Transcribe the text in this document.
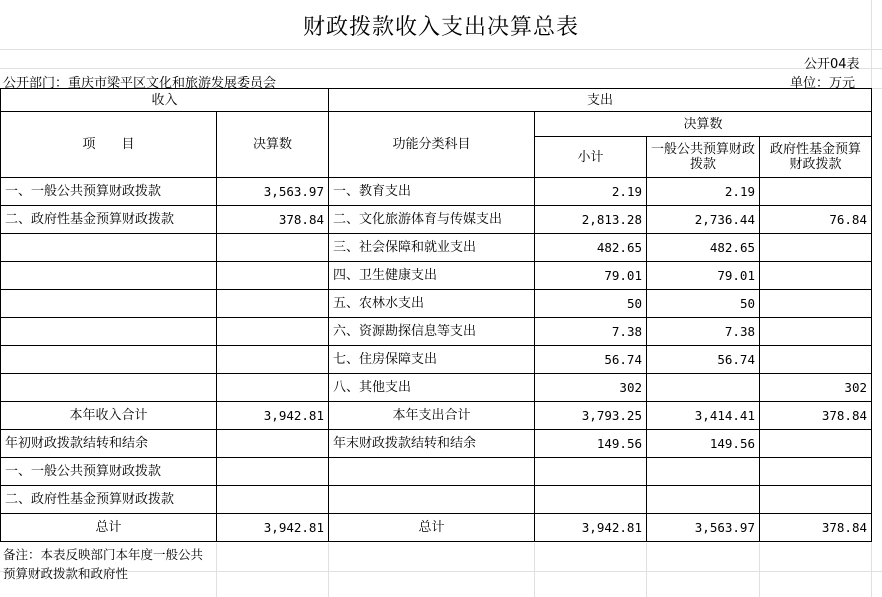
财政拨款收入支出决算总表
公开04表
公开部门：重庆市梁平区文化和旅游发展委员会	单位：万元
收入		支出			
项　　目	决算数	功能分类科目	决算数		
			小计	一般公共预算财政拨款	政府性基金预算财政拨款
一、一般公共预算财政拨款	3,563.97	一、教育支出	2.19	2.19	
二、政府性基金预算财政拨款	378.84	二、文化旅游体育与传媒支出	2,813.28	2,736.44	76.84
		三、社会保障和就业支出	482.65	482.65	
		四、卫生健康支出	79.01	79.01	
		五、农林水支出	50	50	
		六、资源勘探信息等支出	7.38	7.38	
		七、住房保障支出	56.74	56.74	
		八、其他支出	302		302
本年收入合计	3,942.81	本年支出合计	3,793.25	3,414.41	378.84
年初财政拨款结转和结余		年末财政拨款结转和结余	149.56	149.56	
一、一般公共预算财政拨款					
二、政府性基金预算财政拨款					
总计	3,942.81	总计	3,942.81	3,563.97	378.84
备注：本表反映部门本年度一般公共预算财政拨款和政府性
